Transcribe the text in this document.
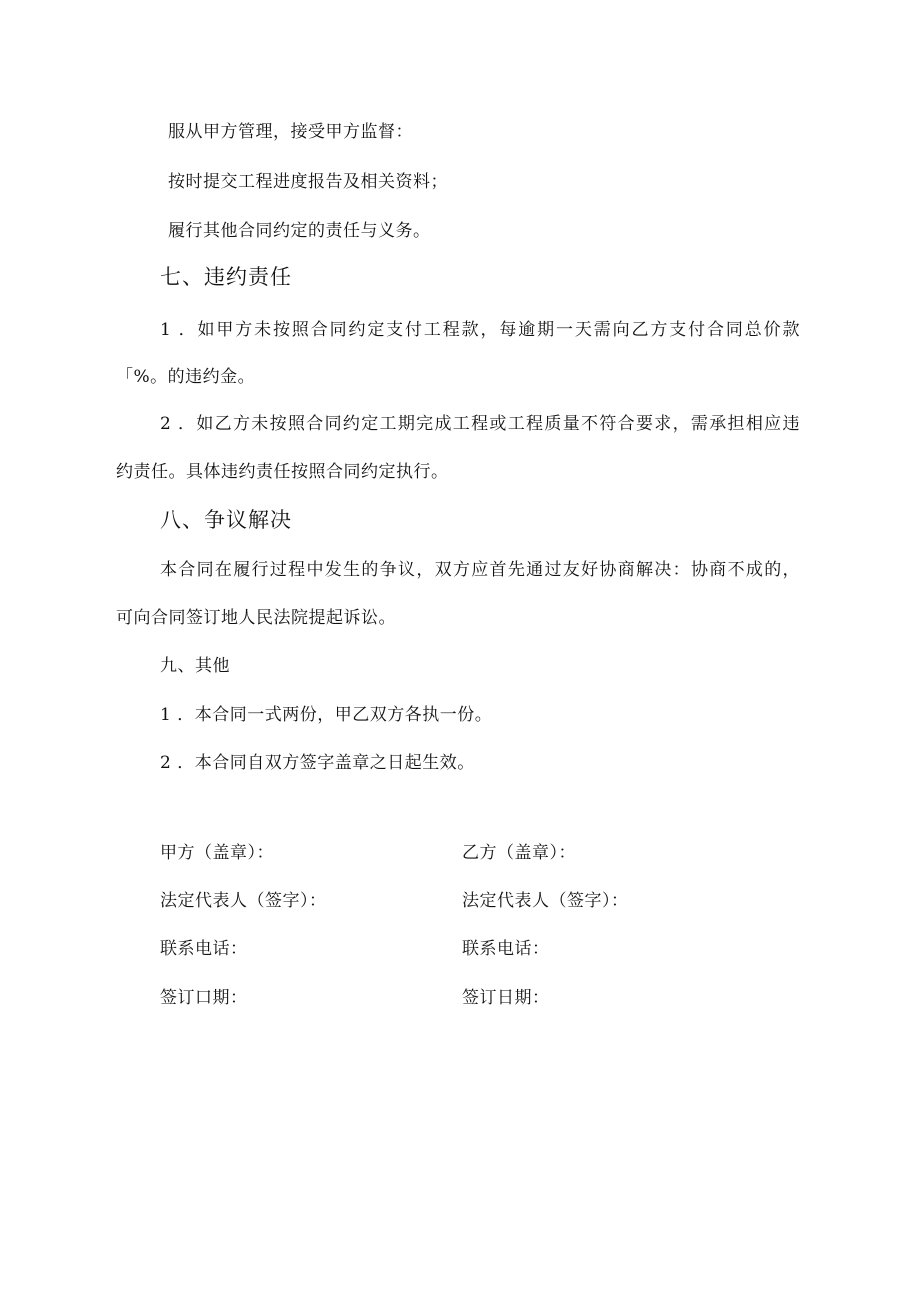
服从甲方管理，接受甲方监督：
按时提交工程进度报告及相关资料；
履行其他合同约定的责任与义务。
七、违约责任
1 ．如甲方未按照合同约定支付工程款，每逾期一天需向乙方支付合同总价款
「%。的违约金。
2 ．如乙方未按照合同约定工期完成工程或工程质量不符合要求，需承担相应违
约责任。具体违约责任按照合同约定执行。
八、争议解决
本合同在履行过程中发生的争议，双方应首先通过友好协商解决：协商不成的，
可向合同签订地人民法院提起诉讼。
九、其他
1 ．本合同一式两份，甲乙双方各执一份。
2 ．本合同自双方签字盖章之日起生效。
甲方（盖章）：
法定代表人（签字）：
联系电话：
签订口期：
乙方（盖章）：
法定代表人（签字）：
联系电话：
签订日期：
